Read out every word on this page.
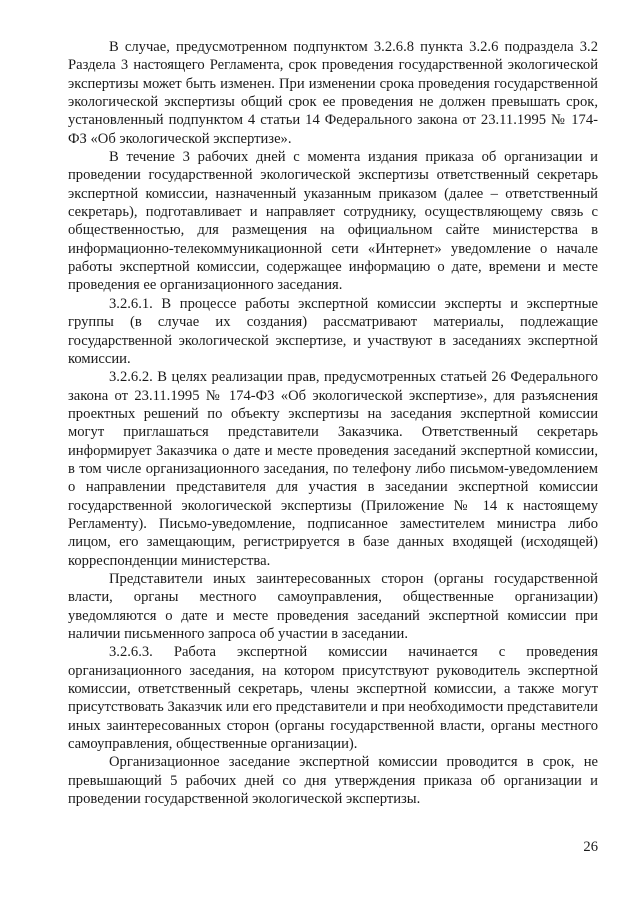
В случае, предусмотренном подпунктом 3.2.6.8 пункта 3.2.6 подраздела 3.2 Раздела 3 настоящего Регламента, срок проведения государственной экологической экспертизы может быть изменен. При изменении срока проведения государственной экологической экспертизы общий срок ее проведения не должен превышать срок, установленный подпунктом 4 статьи 14 Федерального закона от 23.11.1995 № 174-ФЗ «Об экологической экспертизе».

В течение 3 рабочих дней с момента издания приказа об организации и проведении государственной экологической экспертизы ответственный секретарь экспертной комиссии, назначенный указанным приказом (далее – ответственный секретарь), подготавливает и направляет сотруднику, осуществляющему связь с общественностью, для размещения на официальном сайте министерства в информационно-телекоммуникационной сети «Интернет» уведомление о начале работы экспертной комиссии, содержащее информацию о дате, времени и месте проведения ее организационного заседания.

3.2.6.1. В процессе работы экспертной комиссии эксперты и экспертные группы (в случае их создания) рассматривают материалы, подлежащие государственной экологической экспертизе, и участвуют в заседаниях экспертной комиссии.

3.2.6.2. В целях реализации прав, предусмотренных статьей 26 Федерального закона от 23.11.1995 № 174-ФЗ «Об экологической экспертизе», для разъяснения проектных решений по объекту экспертизы на заседания экспертной комиссии могут приглашаться представители Заказчика. Ответственный секретарь информирует Заказчика о дате и месте проведения заседаний экспертной комиссии, в том числе организационного заседания, по телефону либо письмом-уведомлением о направлении представителя для участия в заседании экспертной комиссии государственной экологической экспертизы (Приложение № 14 к настоящему Регламенту). Письмо-уведомление, подписанное заместителем министра либо лицом, его замещающим, регистрируется в базе данных входящей (исходящей) корреспонденции министерства.

Представители иных заинтересованных сторон (органы государственной власти, органы местного самоуправления, общественные организации) уведомляются о дате и месте проведения заседаний экспертной комиссии при наличии письменного запроса об участии в заседании.

3.2.6.3. Работа экспертной комиссии начинается с проведения организационного заседания, на котором присутствуют руководитель экспертной комиссии, ответственный секретарь, члены экспертной комиссии, а также могут присутствовать Заказчик или его представители и при необходимости представители иных заинтересованных сторон (органы государственной власти, органы местного самоуправления, общественные организации).

Организационное заседание экспертной комиссии проводится в срок, не превышающий 5 рабочих дней со дня утверждения приказа об организации и проведении государственной экологической экспертизы.

26
